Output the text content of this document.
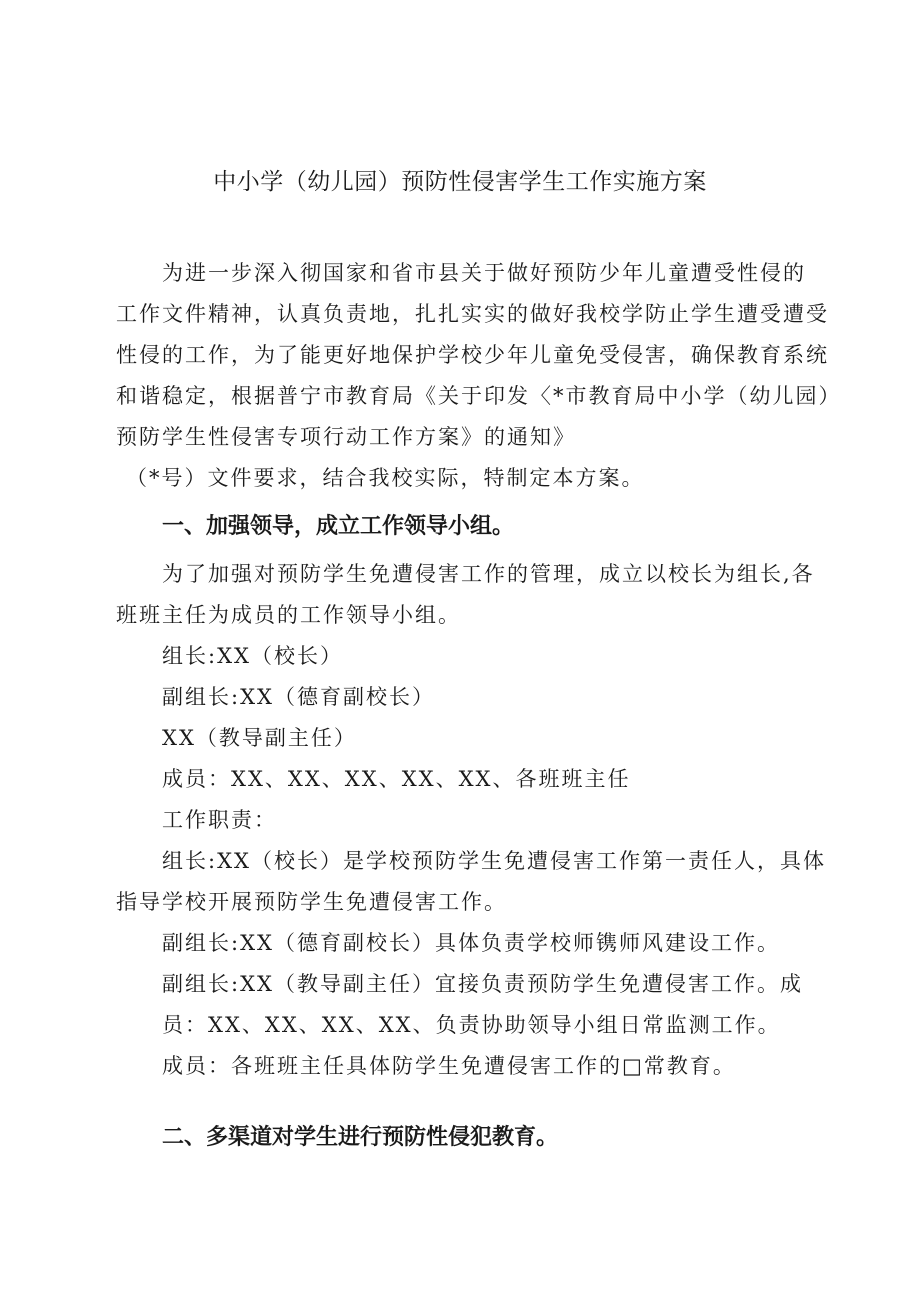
中小学（幼儿园）预防性侵害学生工作实施方案
为进一步深入彻国家和省市县关于做好预防少年儿童遭受性侵的
工作文件精神，认真负责地，扎扎实实的做好我校学防止学生遭受遭受
性侵的工作，为了能更好地保护学校少年儿童免受侵害，确保教育系统
和谐稳定，根据普宁市教育局《关于印发〈*市教育局中小学（幼儿园）
预防学生性侵害专项行动工作方案》的通知》
（*号）文件要求，结合我校实际，特制定本方案。
一、加强领导，成立工作领导小组。
为了加强对预防学生免遭侵害工作的管理，成立以校长为组长,各
班班主任为成员的工作领导小组。
组长:XX（校长）
副组长:XX（德育副校长）
XX（教导副主任）
成员：XX、XX、XX、XX、XX、各班班主任
工作职责：
组长:XX（校长）是学校预防学生免遭侵害工作第一责任人，具体
指导学校开展预防学生免遭侵害工作。
副组长:XX（德育副校长）具体负责学校师镌师风建设工作。
副组长:XX（教导副主任）宜接负责预防学生免遭侵害工作。成
员：XX、XX、XX、XX、负责协助领导小组日常监测工作。
成员：各班班主任具体防学生免遭侵害工作的□常教育。
二、多渠道对学生进行预防性侵犯教育。
